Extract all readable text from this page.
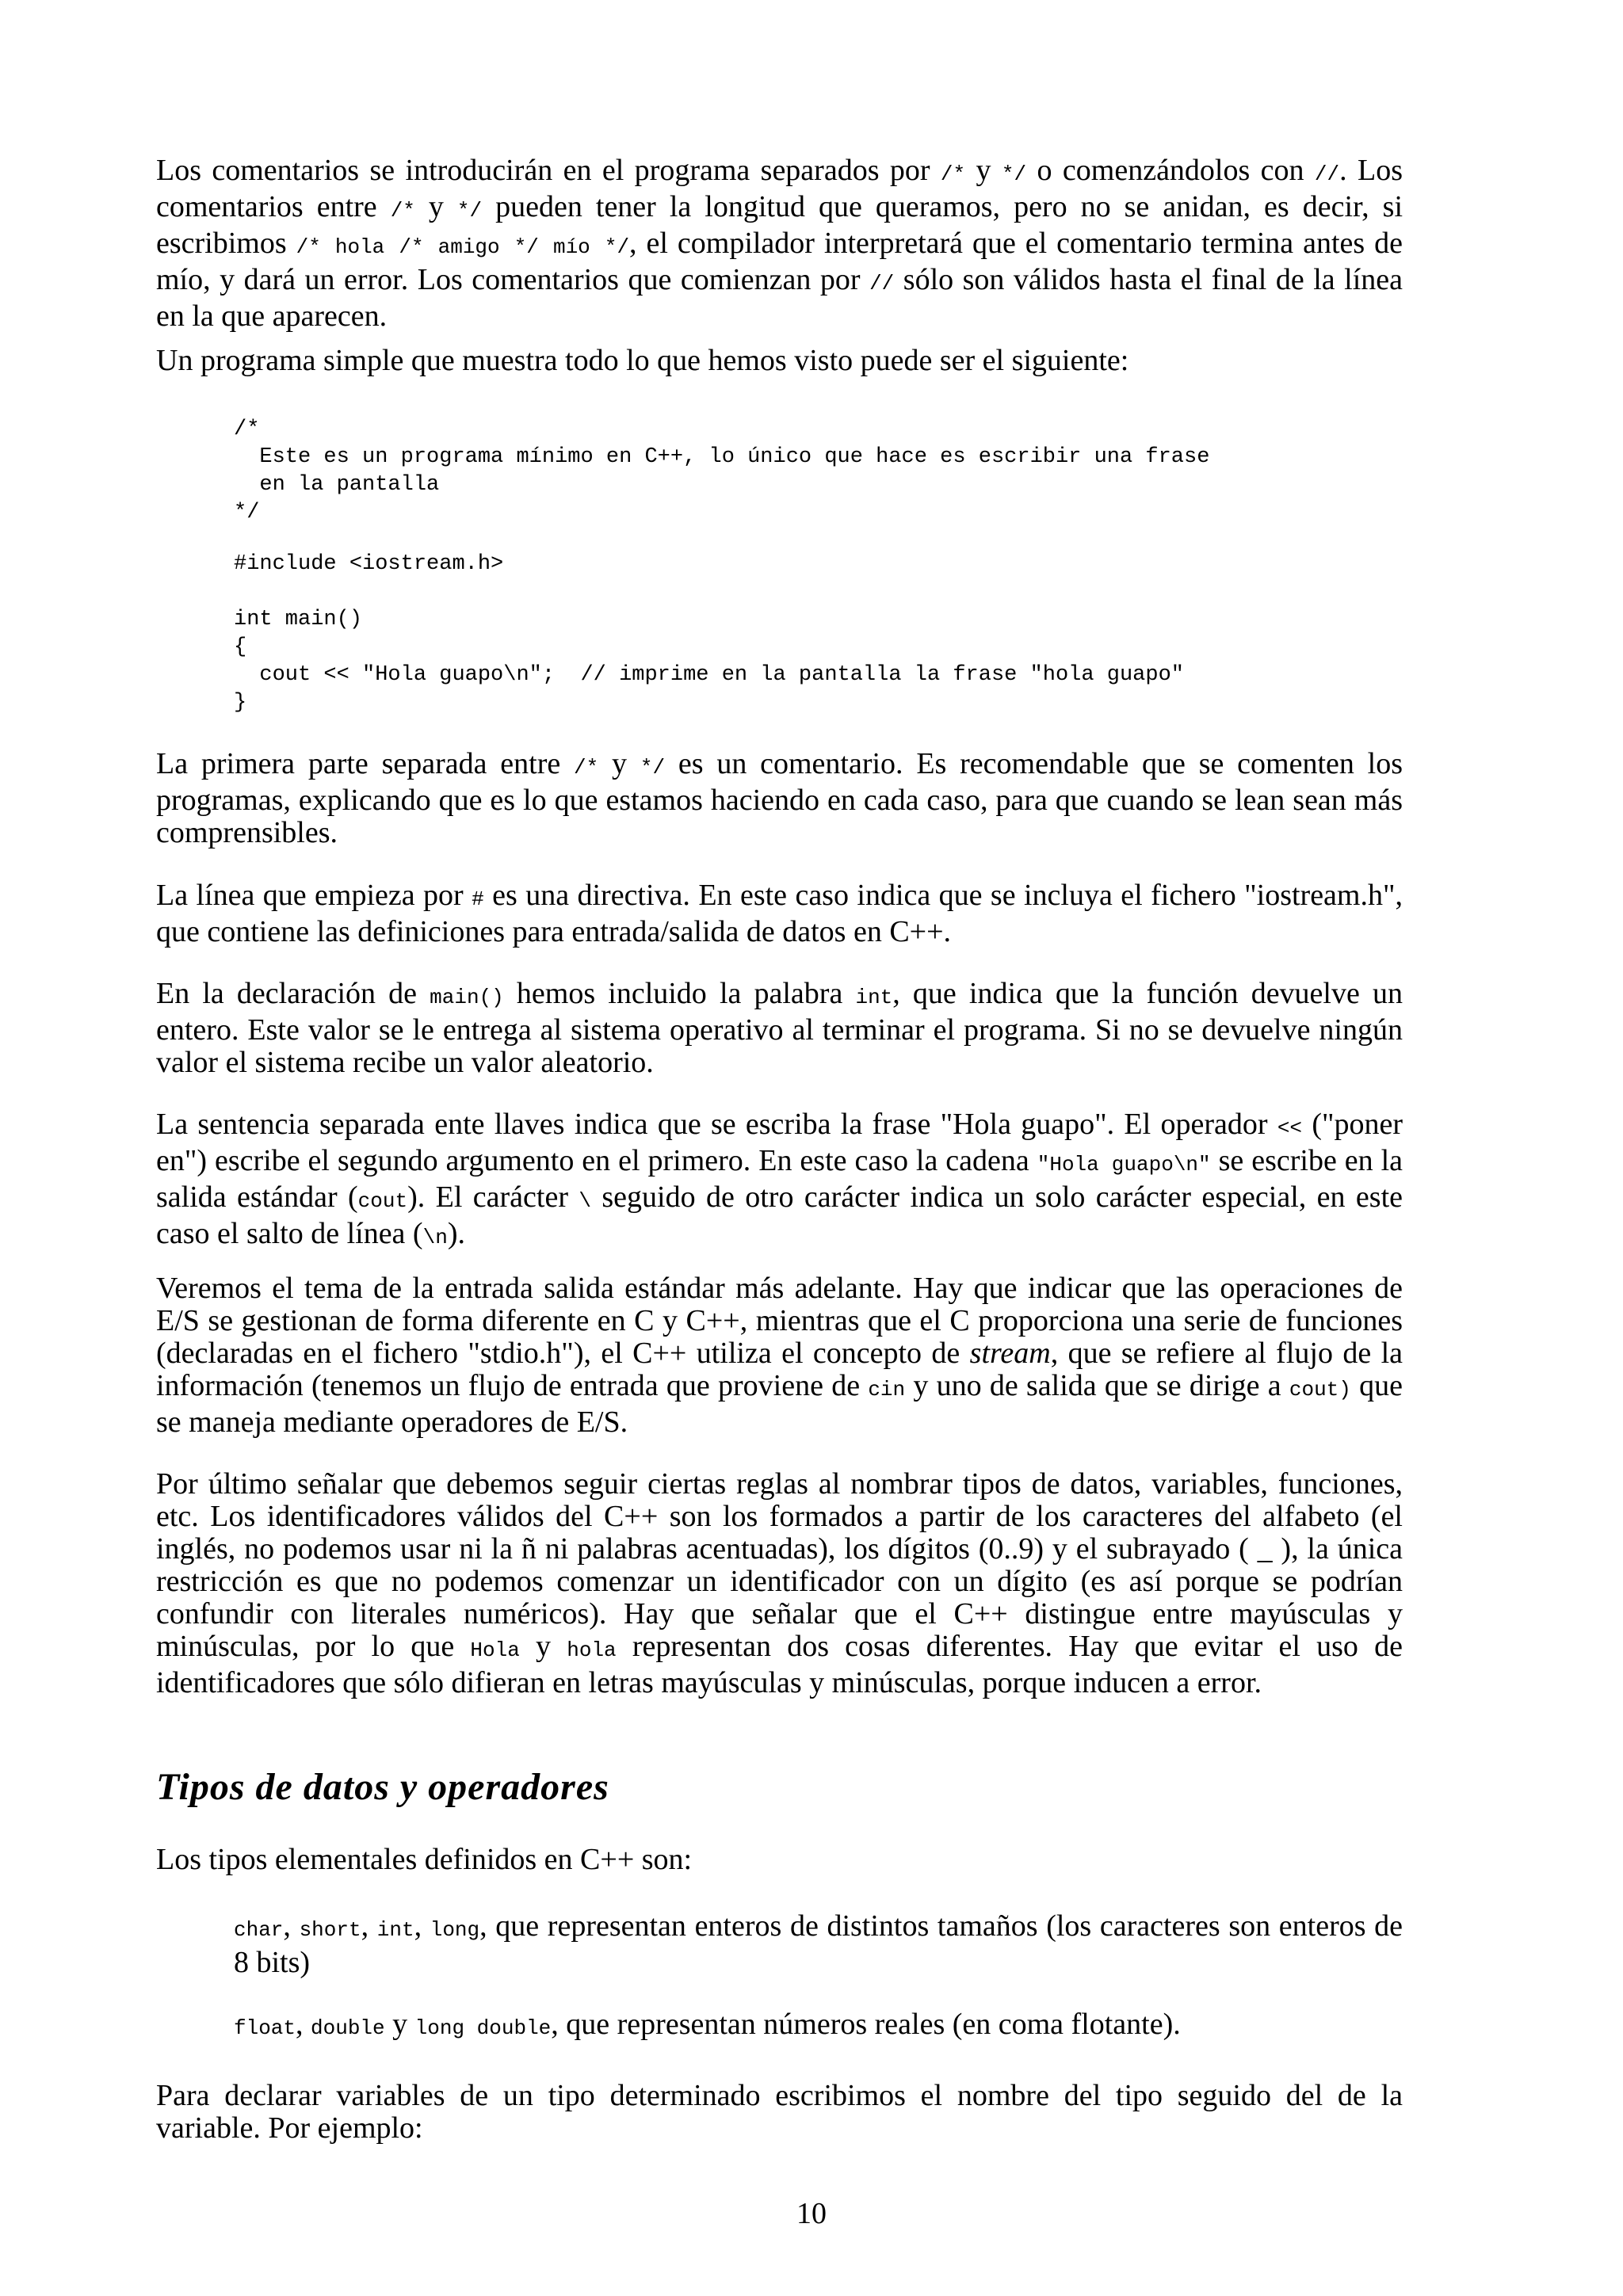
Los comentarios se introducirán en el programa separados por /* y */ o comenzándolos con //. Los comentarios entre /* y */ pueden tener la longitud que queramos, pero no se anidan, es decir, si escribimos /* hola /* amigo */ mío */, el compilador interpretará que el comentario termina antes de mío, y dará un error. Los comentarios que comienzan por // sólo son válidos hasta el final de la línea en la que aparecen.

Un programa simple que muestra todo lo que hemos visto puede ser el siguiente:

/*
Este es un programa mínimo en C++, lo único que hace es escribir una frase
en la pantalla
*/
#include <iostream.h>
int main()
{
cout << "Hola guapo\n";  // imprime en la pantalla la frase "hola guapo"
}

La primera parte separada entre /* y */ es un comentario. Es recomendable que se comenten los programas, explicando que es lo que estamos haciendo en cada caso, para que cuando se lean sean más comprensibles.

La línea que empieza por # es una directiva. En este caso indica que se incluya el fichero "iostream.h", que contiene las definiciones para entrada/salida de datos en C++.

En la declaración de main() hemos incluido la palabra int, que indica que la función devuelve un entero. Este valor se le entrega al sistema operativo al terminar el programa. Si no se devuelve ningún valor el sistema recibe un valor aleatorio.

La sentencia separada ente llaves indica que se escriba la frase "Hola guapo". El operador << ("poner en") escribe el segundo argumento en el primero. En este caso la cadena "Hola guapo\n" se escribe en la salida estándar (cout). El carácter \ seguido de otro carácter indica un solo carácter especial, en este caso el salto de línea (\n).

Veremos el tema de la entrada salida estándar más adelante. Hay que indicar que las operaciones de E/S se gestionan de forma diferente en C y C++, mientras que el C proporciona una serie de funciones (declaradas en el fichero "stdio.h"), el C++ utiliza el concepto de stream, que se refiere al flujo de la información (tenemos un flujo de entrada que proviene de cin y uno de salida que se dirige a cout) que se maneja mediante operadores de E/S.

Por último señalar que debemos seguir ciertas reglas al nombrar tipos de datos, variables, funciones, etc. Los identificadores válidos del C++ son los formados a partir de los caracteres del alfabeto (el inglés, no podemos usar ni la ñ ni palabras acentuadas), los dígitos (0..9) y el subrayado ( _ ), la única restricción es que no podemos comenzar un identificador con un dígito (es así porque se podrían confundir con literales numéricos). Hay que señalar que el C++ distingue entre mayúsculas y minúsculas, por lo que Hola y hola representan dos cosas diferentes. Hay que evitar el uso de identificadores que sólo difieran en letras mayúsculas y minúsculas, porque inducen a error.

Tipos de datos y operadores

Los tipos elementales definidos en C++ son:

char, short, int, long, que representan enteros de distintos tamaños (los caracteres son enteros de 8 bits)

float, double y long double, que representan números reales (en coma flotante).

Para declarar variables de un tipo determinado escribimos el nombre del tipo seguido del de la variable. Por ejemplo:

10
